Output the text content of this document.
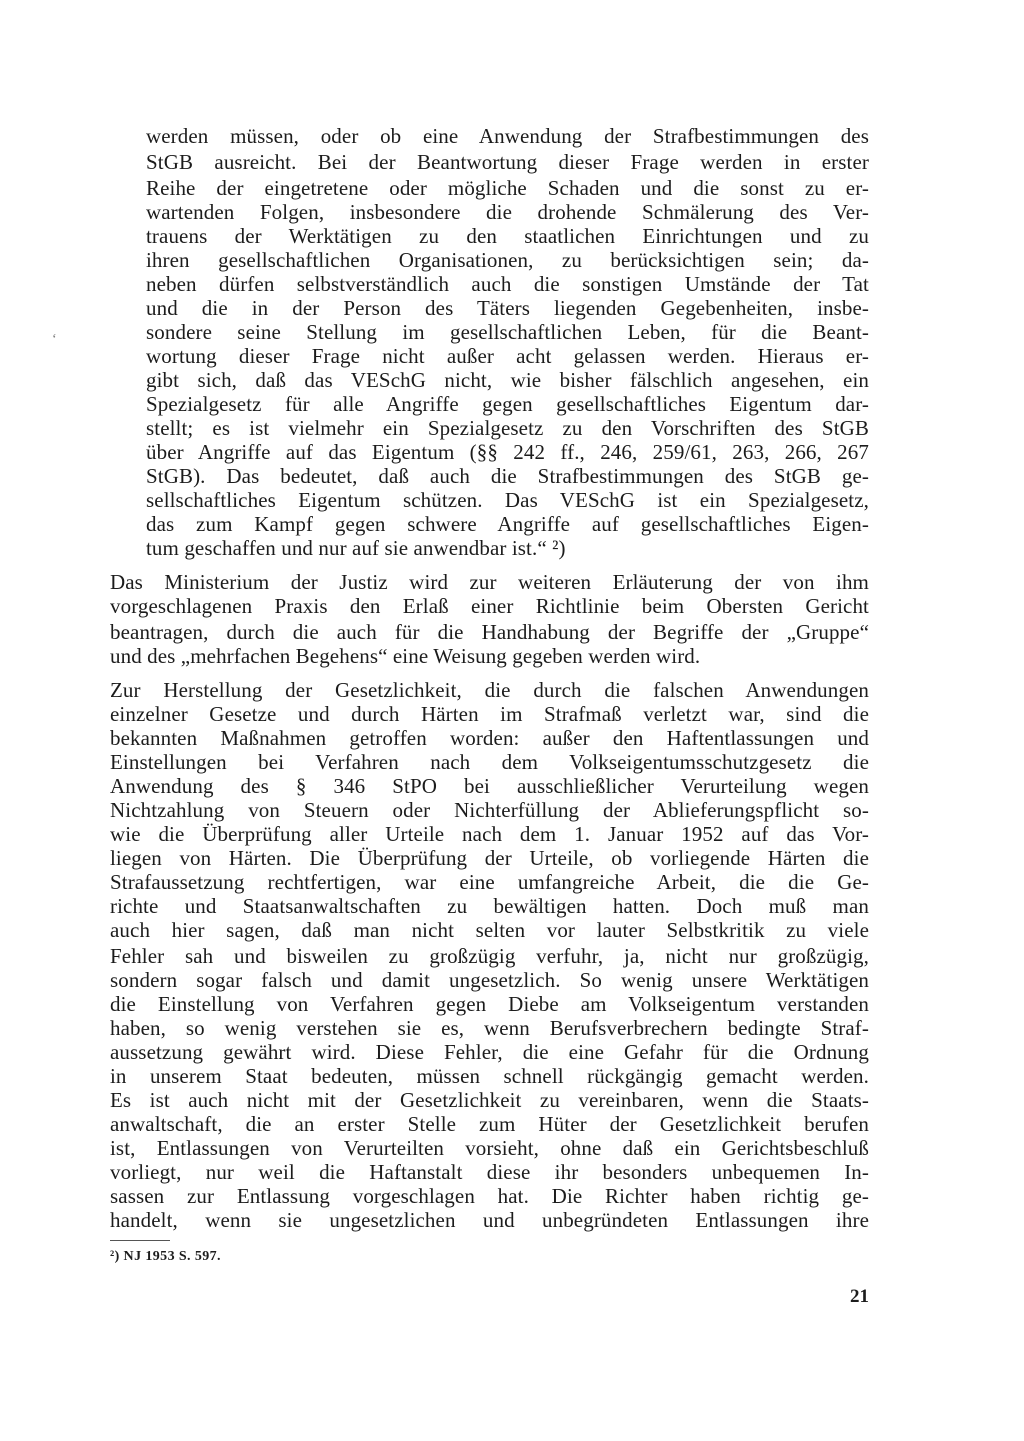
ʻ

werden müssen, oder ob eine Anwendung der Strafbestimmungen des

StGB ausreicht. Bei der Beantwortung dieser Frage werden in erster

Reihe der eingetretene oder mögliche Schaden und die sonst zu er-

wartenden Folgen, insbesondere die drohende Schmälerung des Ver-

trauens der Werktätigen zu den staatlichen Einrichtungen und zu

ihren gesellschaftlichen Organisationen, zu berücksichtigen sein; da-

neben dürfen selbstverständlich auch die sonstigen Umstände der Tat

und die in der Person des Täters liegenden Gegebenheiten, insbe-

sondere seine Stellung im gesellschaftlichen Leben, für die Beant-

wortung dieser Frage nicht außer acht gelassen werden. Hieraus er-

gibt sich, daß das VESchG nicht, wie bisher fälschlich angesehen, ein

Spezialgesetz für alle Angriffe gegen gesellschaftliches Eigentum dar-

stellt; es ist vielmehr ein Spezialgesetz zu den Vorschriften des StGB

über Angriffe auf das Eigentum (§§ 242 ff., 246, 259/61, 263, 266, 267

StGB). Das bedeutet, daß auch die Strafbestimmungen des StGB ge-

sellschaftliches Eigentum schützen. Das VESchG ist ein Spezialgesetz,

das zum Kampf gegen schwere Angriffe auf gesellschaftliches Eigen-

tum geschaffen und nur auf sie anwendbar ist.“ ²)

Das Ministerium der Justiz wird zur weiteren Erläuterung der von ihm

vorgeschlagenen Praxis den Erlaß einer Richtlinie beim Obersten Gericht

beantragen, durch die auch für die Handhabung der Begriffe der „Gruppe“

und des „mehrfachen Begehens“ eine Weisung gegeben werden wird.

Zur Herstellung der Gesetzlichkeit, die durch die falschen Anwendungen

einzelner Gesetze und durch Härten im Strafmaß verletzt war, sind die

bekannten Maßnahmen getroffen worden: außer den Haftentlassungen und

Einstellungen bei Verfahren nach dem Volkseigentumsschutzgesetz die

Anwendung des § 346 StPO bei ausschließlicher Verurteilung wegen

Nichtzahlung von Steuern oder Nichterfüllung der Ablieferungspflicht so-

wie die Überprüfung aller Urteile nach dem 1. Januar 1952 auf das Vor-

liegen von Härten. Die Überprüfung der Urteile, ob vorliegende Härten die

Strafaussetzung rechtfertigen, war eine umfangreiche Arbeit, die die Ge-

richte und Staatsanwaltschaften zu bewältigen hatten. Doch muß man

auch hier sagen, daß man nicht selten vor lauter Selbstkritik zu viele

Fehler sah und bisweilen zu großzügig verfuhr, ja, nicht nur großzügig,

sondern sogar falsch und damit ungesetzlich. So wenig unsere Werktätigen

die Einstellung von Verfahren gegen Diebe am Volkseigentum verstanden

haben, so wenig verstehen sie es, wenn Berufsverbrechern bedingte Straf-

aussetzung gewährt wird. Diese Fehler, die eine Gefahr für die Ordnung

in unserem Staat bedeuten, müssen schnell rückgängig gemacht werden.

Es ist auch nicht mit der Gesetzlichkeit zu vereinbaren, wenn die Staats-

anwaltschaft, die an erster Stelle zum Hüter der Gesetzlichkeit berufen

ist, Entlassungen von Verurteilten vorsieht, ohne daß ein Gerichtsbeschluß

vorliegt, nur weil die Haftanstalt diese ihr besonders unbequemen In-

sassen zur Entlassung vorgeschlagen hat. Die Richter haben richtig ge-

handelt, wenn sie ungesetzlichen und unbegründeten Entlassungen ihre

²) NJ 1953 S. 597.
21
